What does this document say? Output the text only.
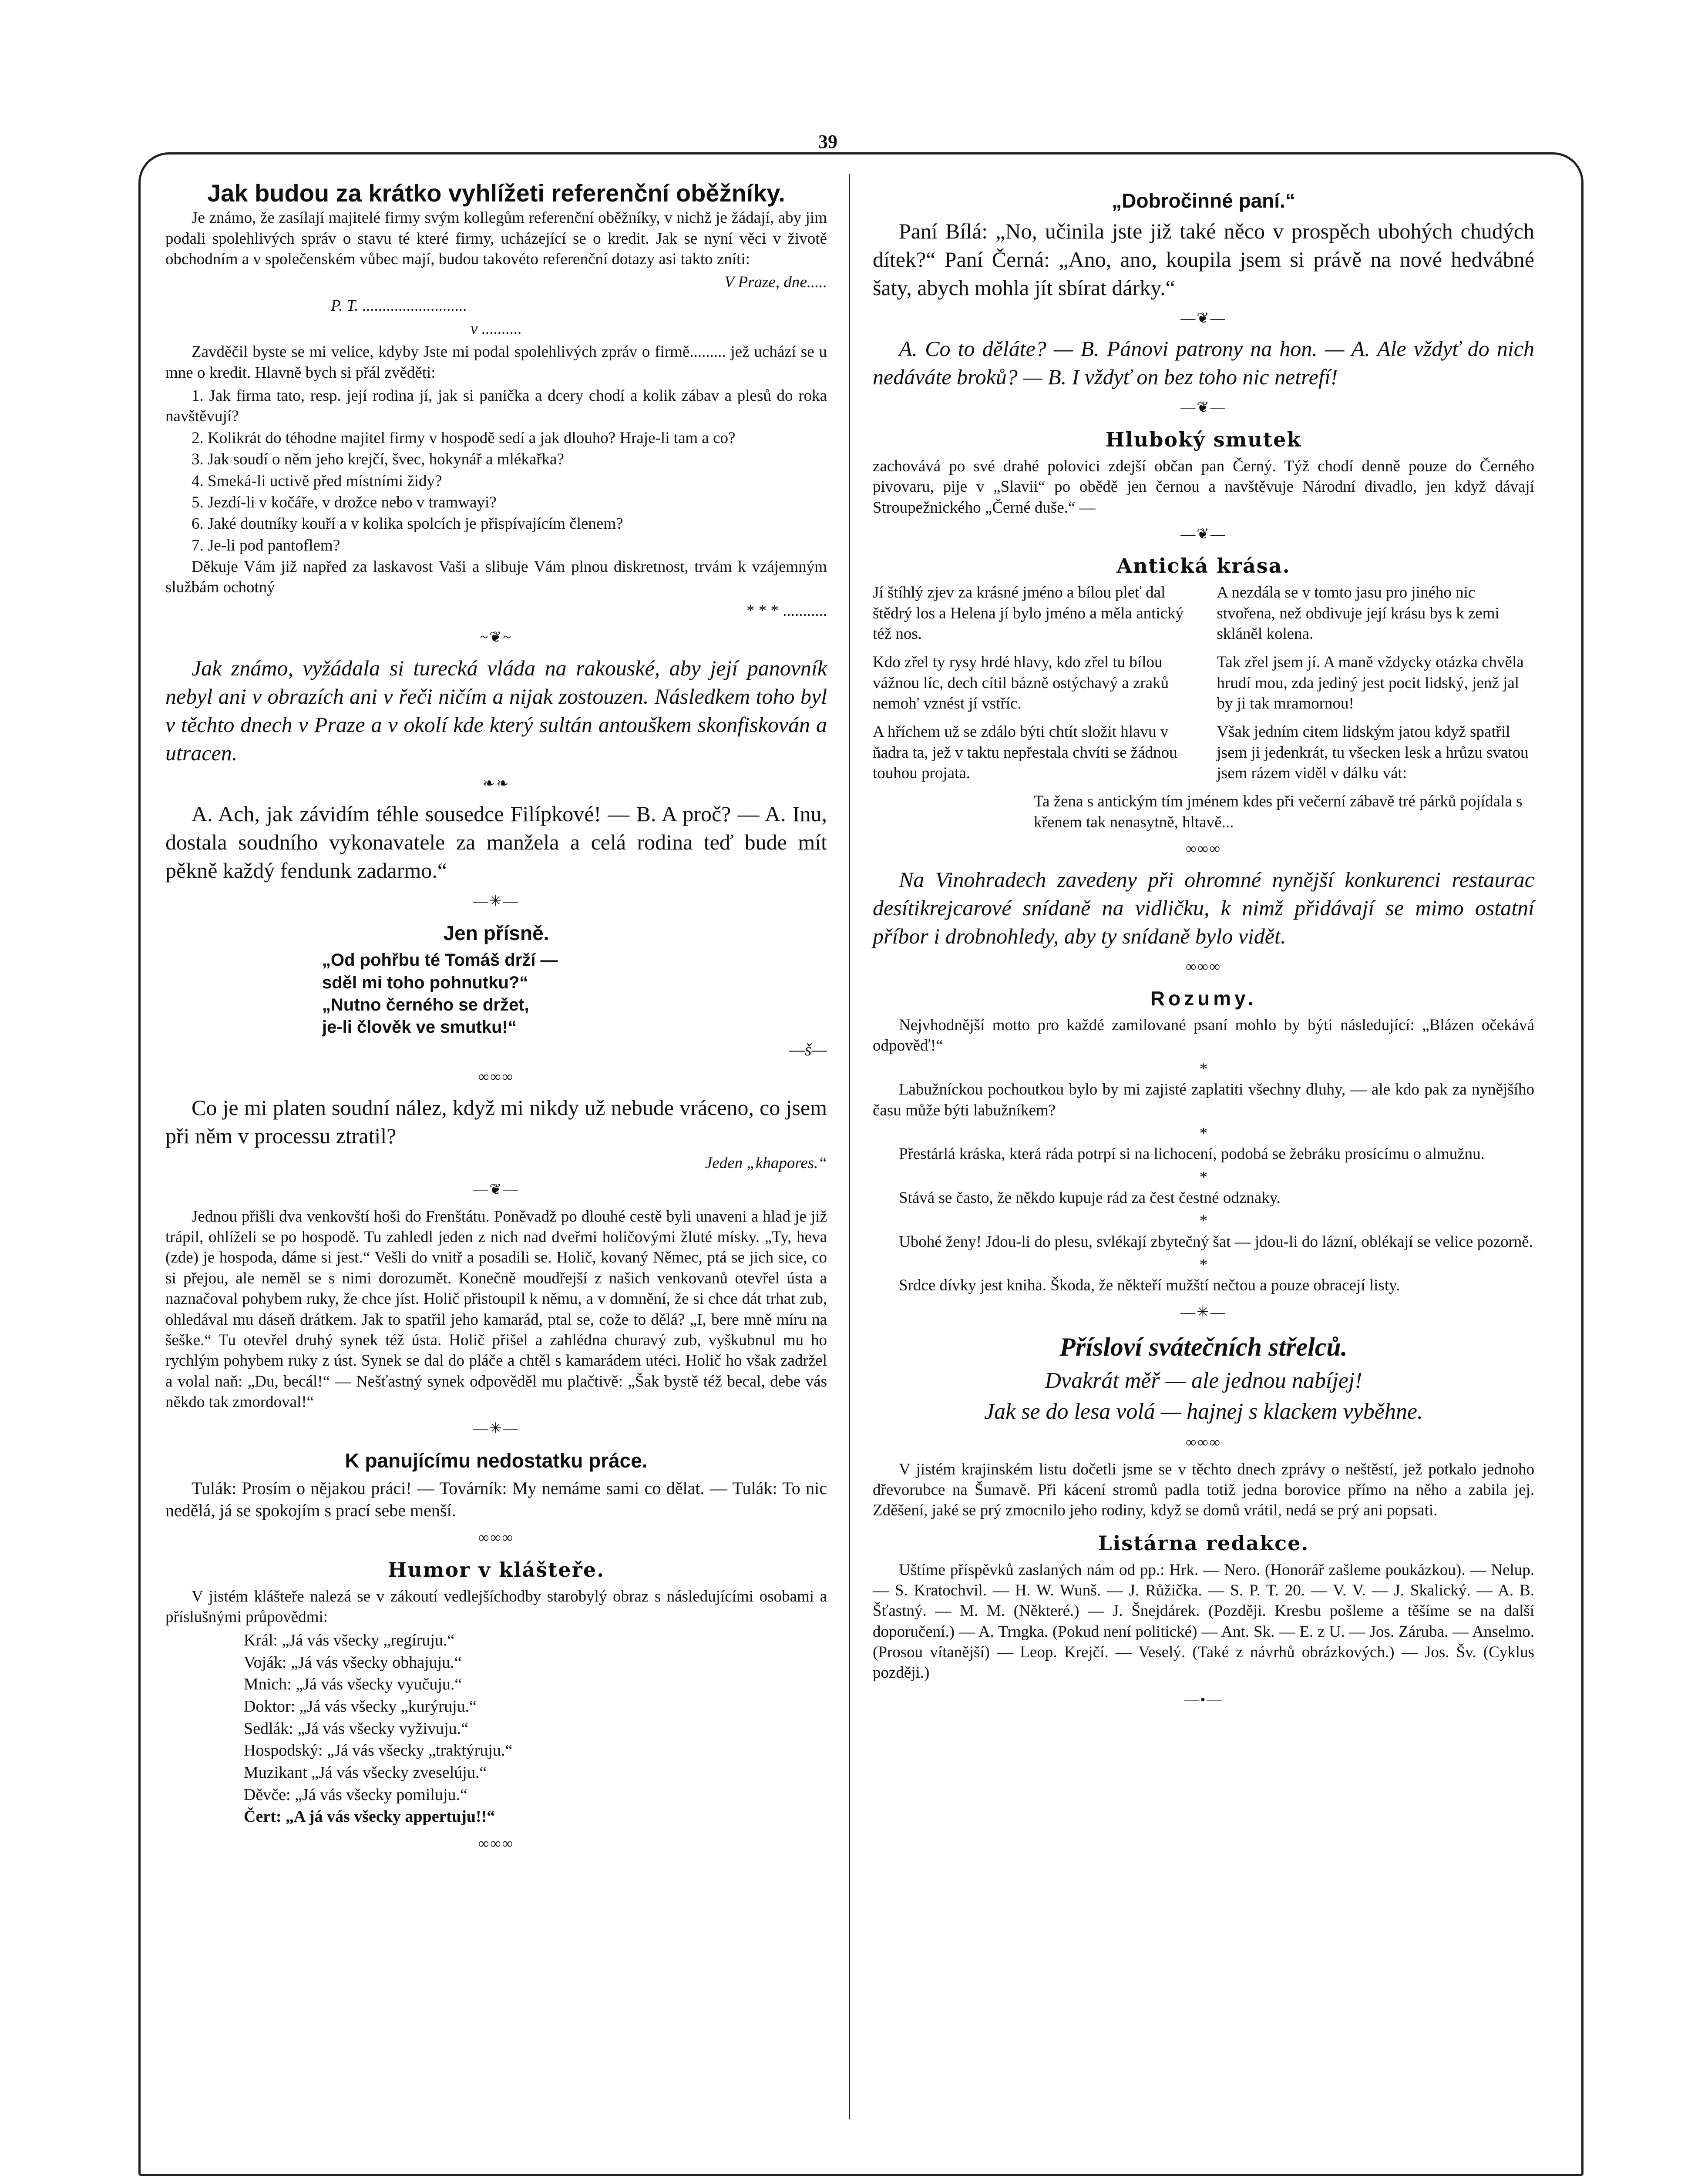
39
Jak budou za krátko vyhlížeti referenční oběžníky.

Je známo, že zasílají majitelé firmy svým kollegům referenční oběžníky, v nichž je žádají, aby jim podali spolehlivých správ o stavu té které firmy, ucházející se o kredit. Jak se nyní věci v životě obchodním a v společenském vůbec mají, budou takovéto referenční dotazy asi takto zníti:

V Praze, dne.....

P. T. ..........................

v ..........

Zavděčil byste se mi velice, kdyby Jste mi podal spolehlivých zpráv o firmě......... jež uchází se u mne o kredit. Hlavně bych si přál zvěděti:

1. Jak firma tato, resp. její rodina jí, jak si panička a dcery chodí a kolik zábav a plesů do roka navštěvují?

2. Kolikrát do téhodne majitel firmy v hospodě sedí a jak dlouho? Hraje-li tam a co?

3. Jak soudí o něm jeho krejčí, švec, hokynář a mlékařka?

4. Smeká-li uctivě před místními židy?

5. Jezdí-li v kočáře, v drožce nebo v tramwayi?

6. Jaké doutníky kouří a v kolika spolcích je přispívajícím členem?

7. Je-li pod pantoflem?

Děkuje Vám již napřed za laskavost Vaši a slibuje Vám plnou diskretnost, trvám k vzájemným službám ochotný

* * * ...........

~❦~

Jak známo, vyžádala si turecká vláda na rakouské, aby její panovník nebyl ani v obrazích ani v řeči ničím a nijak zostouzen. Následkem toho byl v těchto dnech v Praze a v okolí kde který sultán antouškem skonfiskován a utracen.

❧❧

A. Ach, jak závidím téhle sousedce Filípkové! — B. A proč? — A. Inu, dostala soudního vykonavatele za manžela a celá rodina teď bude mít pěkně každý fendunk zadarmo.“

—✳—
Jen přísně.
„Od pohřbu té Tomáš drží —
sděl mi toho pohnutku?“
„Nutno černého se držet,
je-li člověk ve smutku!“

—š—

∞∞∞

Co je mi platen soudní nález, když mi nikdy už nebude vráceno, co jsem při něm v processu ztratil?

Jeden „khapores.“

—❦—

Jednou přišli dva venkovští hoši do Frenštátu. Poněvadž po dlouhé cestě byli unaveni a hlad je již trápil, ohlíželi se po hospodě. Tu zahledl jeden z nich nad dveřmi holičovými žluté mísky. „Ty, heva (zde) je hospoda, dáme si jest.“ Vešli do vnitř a posadili se. Holič, kovaný Němec, ptá se jich sice, co si přejou, ale neměl se s nimi dorozumět. Konečně moudřejší z našich venkovanů otevřel ústa a naznačoval pohybem ruky, že chce jíst. Holič přistoupil k němu, a v domnění, že si chce dát trhat zub, ohledával mu dáseň drátkem. Jak to spatřil jeho kamarád, ptal se, cože to dělá? „I, bere mně míru na šeške.“ Tu otevřel druhý synek též ústa. Holič přišel a zahlédna churavý zub, vyškubnul mu ho rychlým pohybem ruky z úst. Synek se dal do pláče a chtěl s kamarádem utéci. Holič ho však zadržel a volal naň: „Du, becál!“ — Nešťastný synek odpověděl mu plačtivě: „Šak bystě též becal, debe vás někdo tak zmordoval!“

—✳—
K panujícímu nedostatku práce.

Tulák: Prosím o nějakou práci! — Továrník: My nemáme sami co dělat. — Tulák: To nic nedělá, já se spokojím s prací sebe menší.

∞∞∞
Humor v klášteře.

V jistém klášteře nalezá se v zákoutí vedlejšíchodby starobylý obraz s následujícími osobami a příslušnými průpovědmi:

Král: „Já vás všecky „regíruju.“

Voják: „Já vás všecky obhajuju.“

Mnich: „Já vás všecky vyučuju.“

Doktor: „Já vás všecky „kurýruju.“

Sedlák: „Já vás všecky vyživuju.“

Hospodský: „Já vás všecky „traktýruju.“

Muzikant „Já vás všecky zveselúju.“

Děvče: „Já vás všecky pomiluju.“

Čert: „A já vás všecky appertuju!!“

∞∞∞
„Dobročinné paní.“

Paní Bílá: „No, učinila jste již také něco v prospěch ubohých chudých dítek?“ Paní Černá: „Ano, ano, koupila jsem si právě na nové hedvábné šaty, abych mohla jít sbírat dárky.“

—❦—

A. Co to děláte? — B. Pánovi patrony na hon. — A. Ale vždyť do nich nedáváte broků? — B. I vždyť on bez toho nic netrefí!

—❦—
Hluboký smutek

zachovává po své drahé polovici zdejší občan pan Černý. Týž chodí denně pouze do Černého pivovaru, pije v „Slavii“ po obědě jen černou a navštěvuje Národní divadlo, jen když dávají Stroupežnického „Černé duše.“ —

—❦—
Antická krása.
Jí štíhlý zjev za krásné jméno a bílou pleť dal štědrý los a Helena jí bylo jméno a měla antický též nos.
A nezdála se v tomto jasu pro jiného nic stvořena, než obdivuje její krásu bys k zemi skláněl kolena.
Kdo zřel ty rysy hrdé hlavy, kdo zřel tu bílou vážnou líc, dech cítil bázně ostýchavý a zraků nemoh' vznést jí vstříc.
Tak zřel jsem jí. A maně vždycky otázka chvěla hrudí mou, zda jediný jest pocit lidský, jenž jal by ji tak mramornou!
A hříchem už se zdálo býti chtít složit hlavu v ňadra ta, jež v taktu nepřestala chvíti se žádnou touhou projata.
Však jedním citem lidským jatou když spatřil jsem ji jedenkrát, tu všecken lesk a hrůzu svatou jsem rázem viděl v dálku vát:
Ta žena s antickým tím jménem kdes při večerní zábavě tré párků pojídala s křenem tak nenasytně, hltavě...
∞∞∞

Na Vinohradech zavedeny při ohromné nynější konkurenci restaurac desítikrejcarové snídaně na vidličku, k nimž přidávají se mimo ostatní příbor i drobnohledy, aby ty snídaně bylo vidět.

∞∞∞
Rozumy.

Nejvhodnější motto pro každé zamilované psaní mohlo by býti následující: „Blázen očekává odpověď!“

*

Labužníckou pochoutkou bylo by mi zajisté zaplatiti všechny dluhy, — ale kdo pak za nynějšího času může býti labužníkem?

*

Přestárlá kráska, která ráda potrpí si na lichocení, podobá se žebráku prosícímu o almužnu.

*

Stává se často, že někdo kupuje rád za čest čestné odznaky.

*

Ubohé ženy! Jdou-li do plesu, svlékají zbytečný šat — jdou-li do lázní, oblékají se velice pozorně.

*

Srdce dívky jest kniha. Škoda, že někteří mužští nečtou a pouze obracejí listy.

—✳—
Přísloví svátečních střelců.
Dvakrát měř — ale jednou nabíjej!
Jak se do lesa volá — hajnej s klackem vyběhne.
∞∞∞

V jistém krajinském listu dočetli jsme se v těchto dnech zprávy o neštěstí, jež potkalo jednoho dřevorubce na Šumavě. Při kácení stromů padla totiž jedna borovice přímo na něho a zabila jej. Zděšení, jaké se prý zmocnilo jeho rodiny, když se domů vrátil, nedá se prý ani popsati.

Listárna redakce.

Uštíme příspěvků zaslaných nám od pp.: Hrk. — Nero. (Honorář zašleme poukázkou). — Nelup. — S. Kratochvil. — H. W. Wunš. — J. Růžička. — S. P. T. 20. — V. V. — J. Skalický. — A. B. Šťastný. — M. M. (Některé.) — J. Šnejdárek. (Později. Kresbu pošleme a těšíme se na další doporučení.) — A. Trngka. (Pokud není politické) — Ant. Sk. — E. z U. — Jos. Záruba. — Anselmo. (Prosou vítanější) — Leop. Krejčí. — Veselý. (Také z návrhů obrázkových.) — Jos. Šv. (Cyklus později.)

—•—
